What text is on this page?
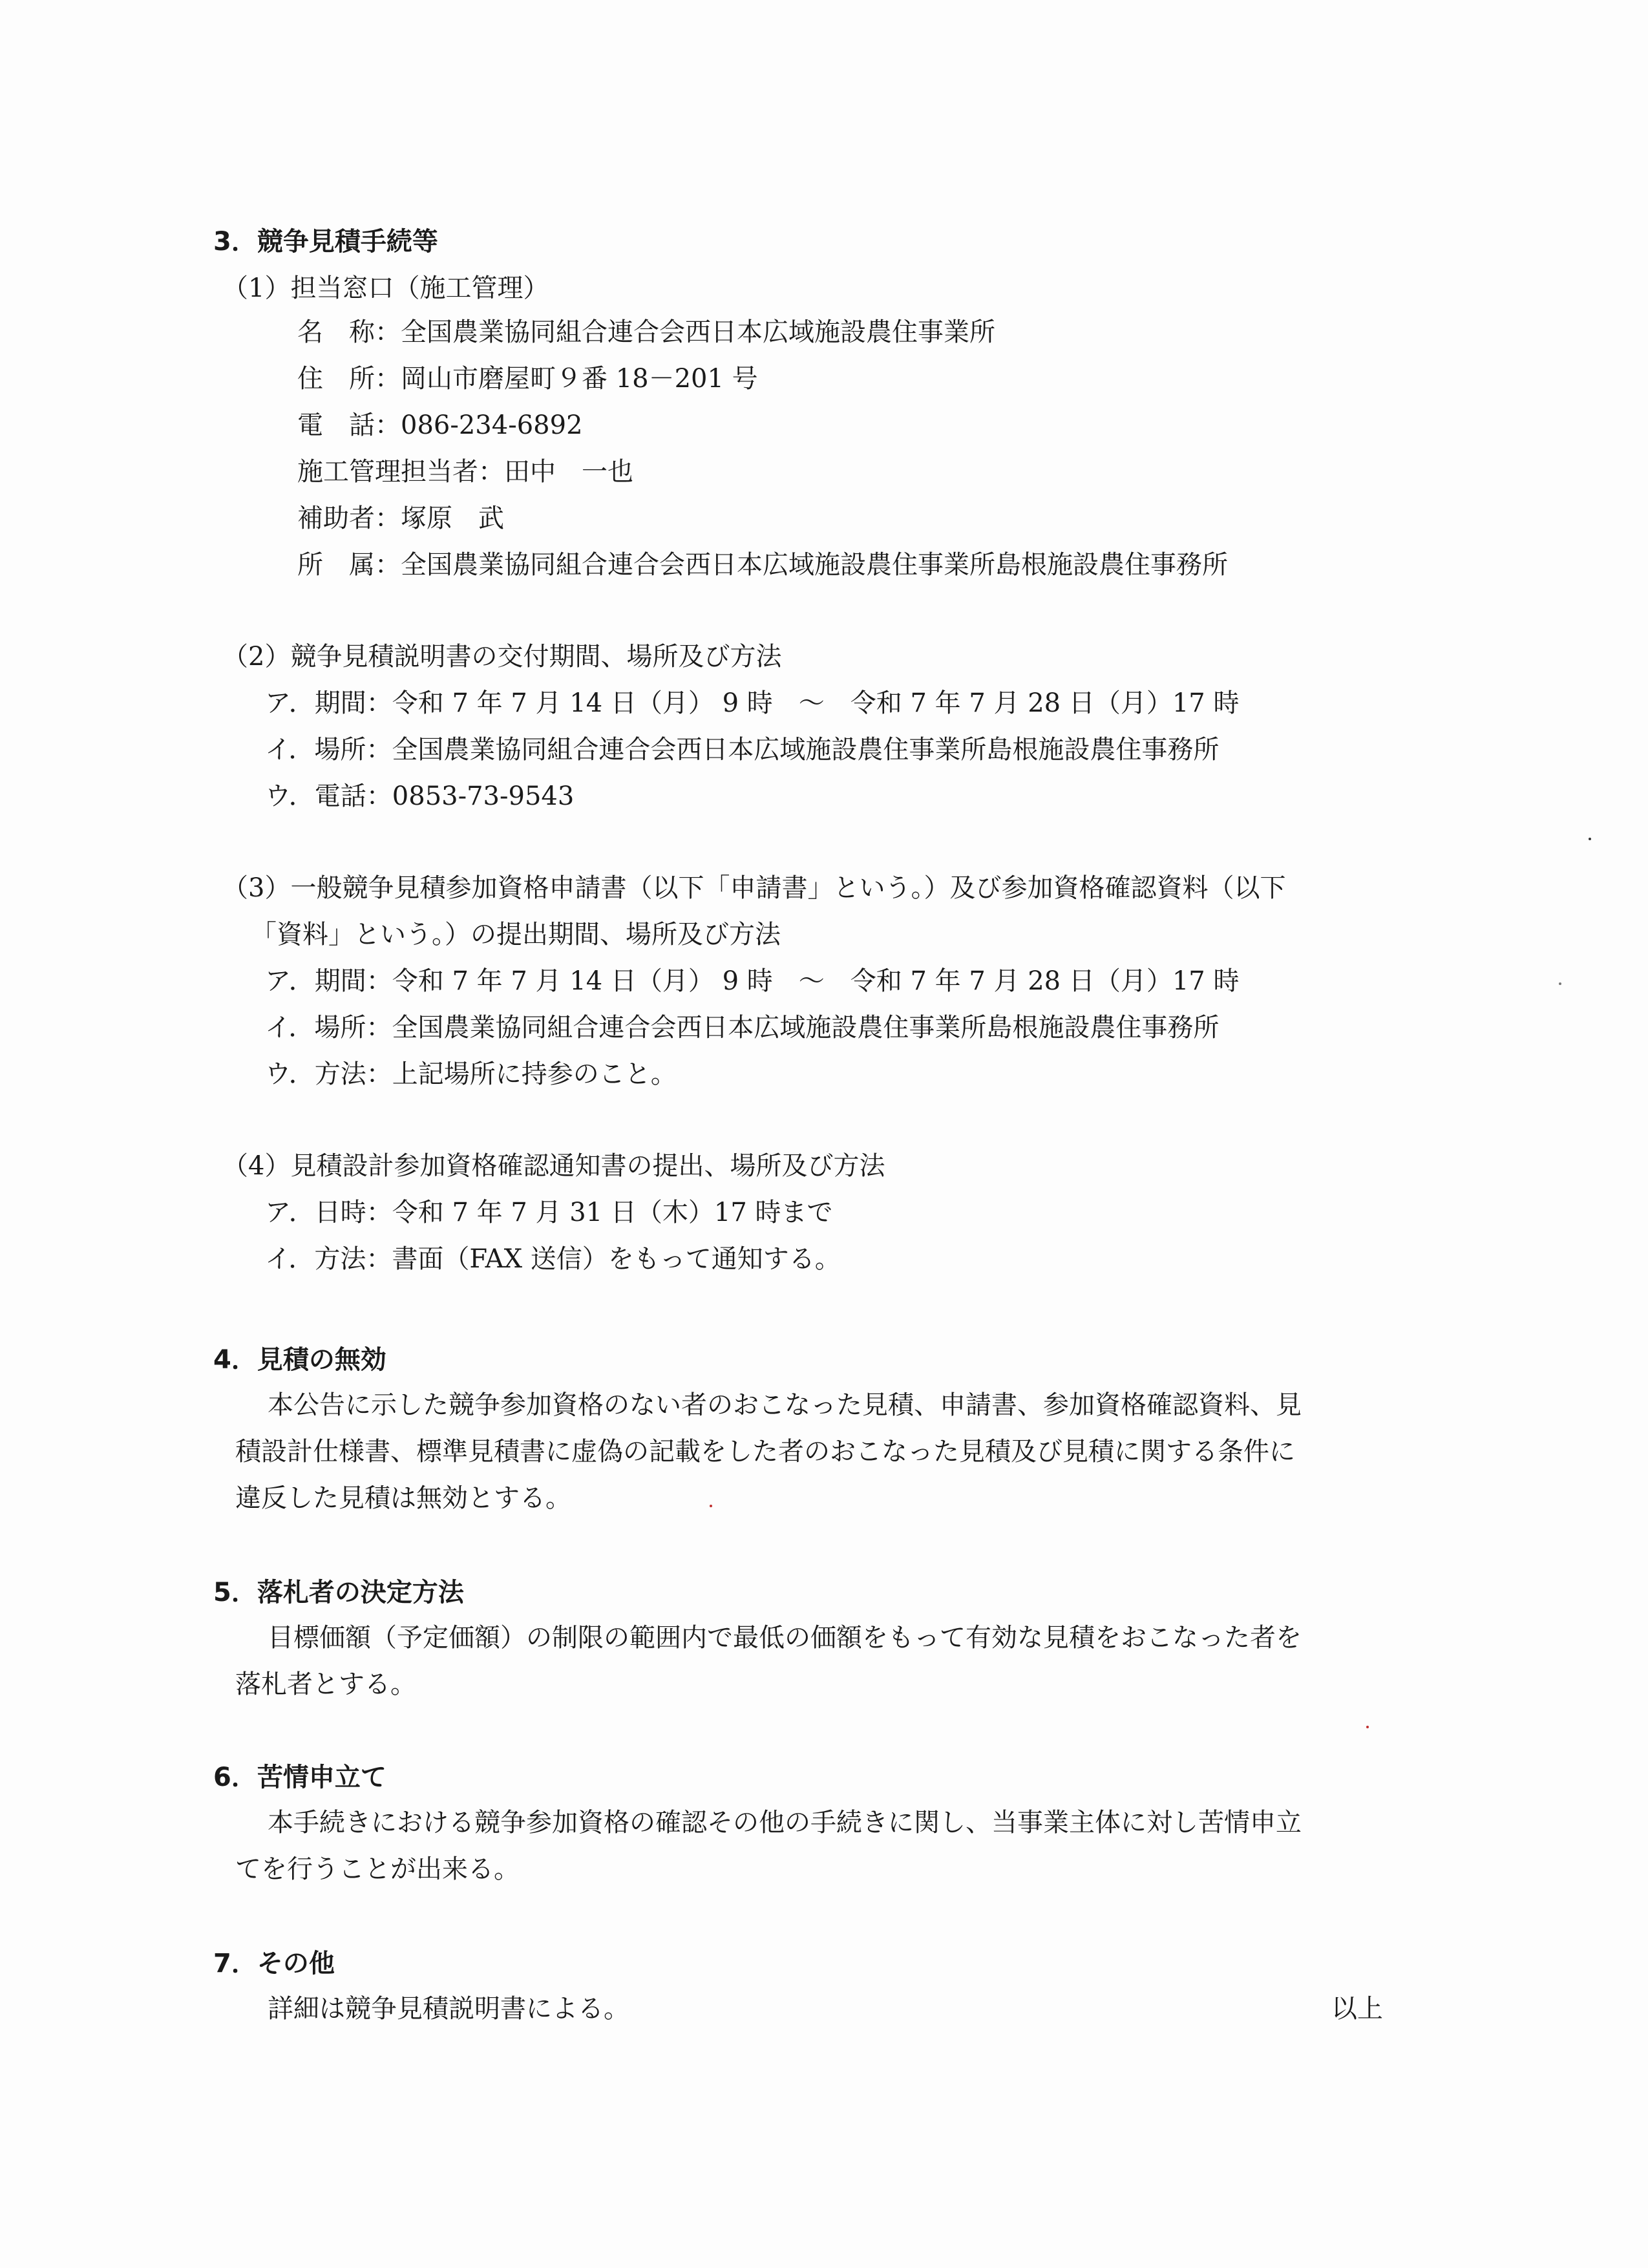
3．競争見積手続等
（1）担当窓口（施工管理）
名　称：全国農業協同組合連合会西日本広域施設農住事業所
住　所：岡山市磨屋町９番 18－201 号
電　話：086-234-6892
施工管理担当者：田中　一也
補助者：塚原　武
所　属：全国農業協同組合連合会西日本広域施設農住事業所島根施設農住事務所
（2）競争見積説明書の交付期間、場所及び方法
ア．期間：令和 7 年 7 月 14 日（月） 9 時　～　令和 7 年 7 月 28 日（月）17 時
イ．場所：全国農業協同組合連合会西日本広域施設農住事業所島根施設農住事務所
ウ．電話：0853-73-9543
（3）一般競争見積参加資格申請書（以下「申請書」という。）及び参加資格確認資料（以下
「資料」という。）の提出期間、場所及び方法
ア．期間：令和 7 年 7 月 14 日（月） 9 時　～　令和 7 年 7 月 28 日（月）17 時
イ．場所：全国農業協同組合連合会西日本広域施設農住事業所島根施設農住事務所
ウ．方法：上記場所に持参のこと。
（4）見積設計参加資格確認通知書の提出、場所及び方法
ア．日時：令和 7 年 7 月 31 日（木）17 時まで
イ．方法：書面（FAX 送信）をもって通知する。
4．見積の無効
本公告に示した競争参加資格のない者のおこなった見積、申請書、参加資格確認資料、見
積設計仕様書、標準見積書に虚偽の記載をした者のおこなった見積及び見積に関する条件に
違反した見積は無効とする。
5．落札者の決定方法
目標価額（予定価額）の制限の範囲内で最低の価額をもって有効な見積をおこなった者を
落札者とする。
6．苦情申立て
本手続きにおける競争参加資格の確認その他の手続きに関し、当事業主体に対し苦情申立
てを行うことが出来る。
7．その他
詳細は競争見積説明書による。	以上
